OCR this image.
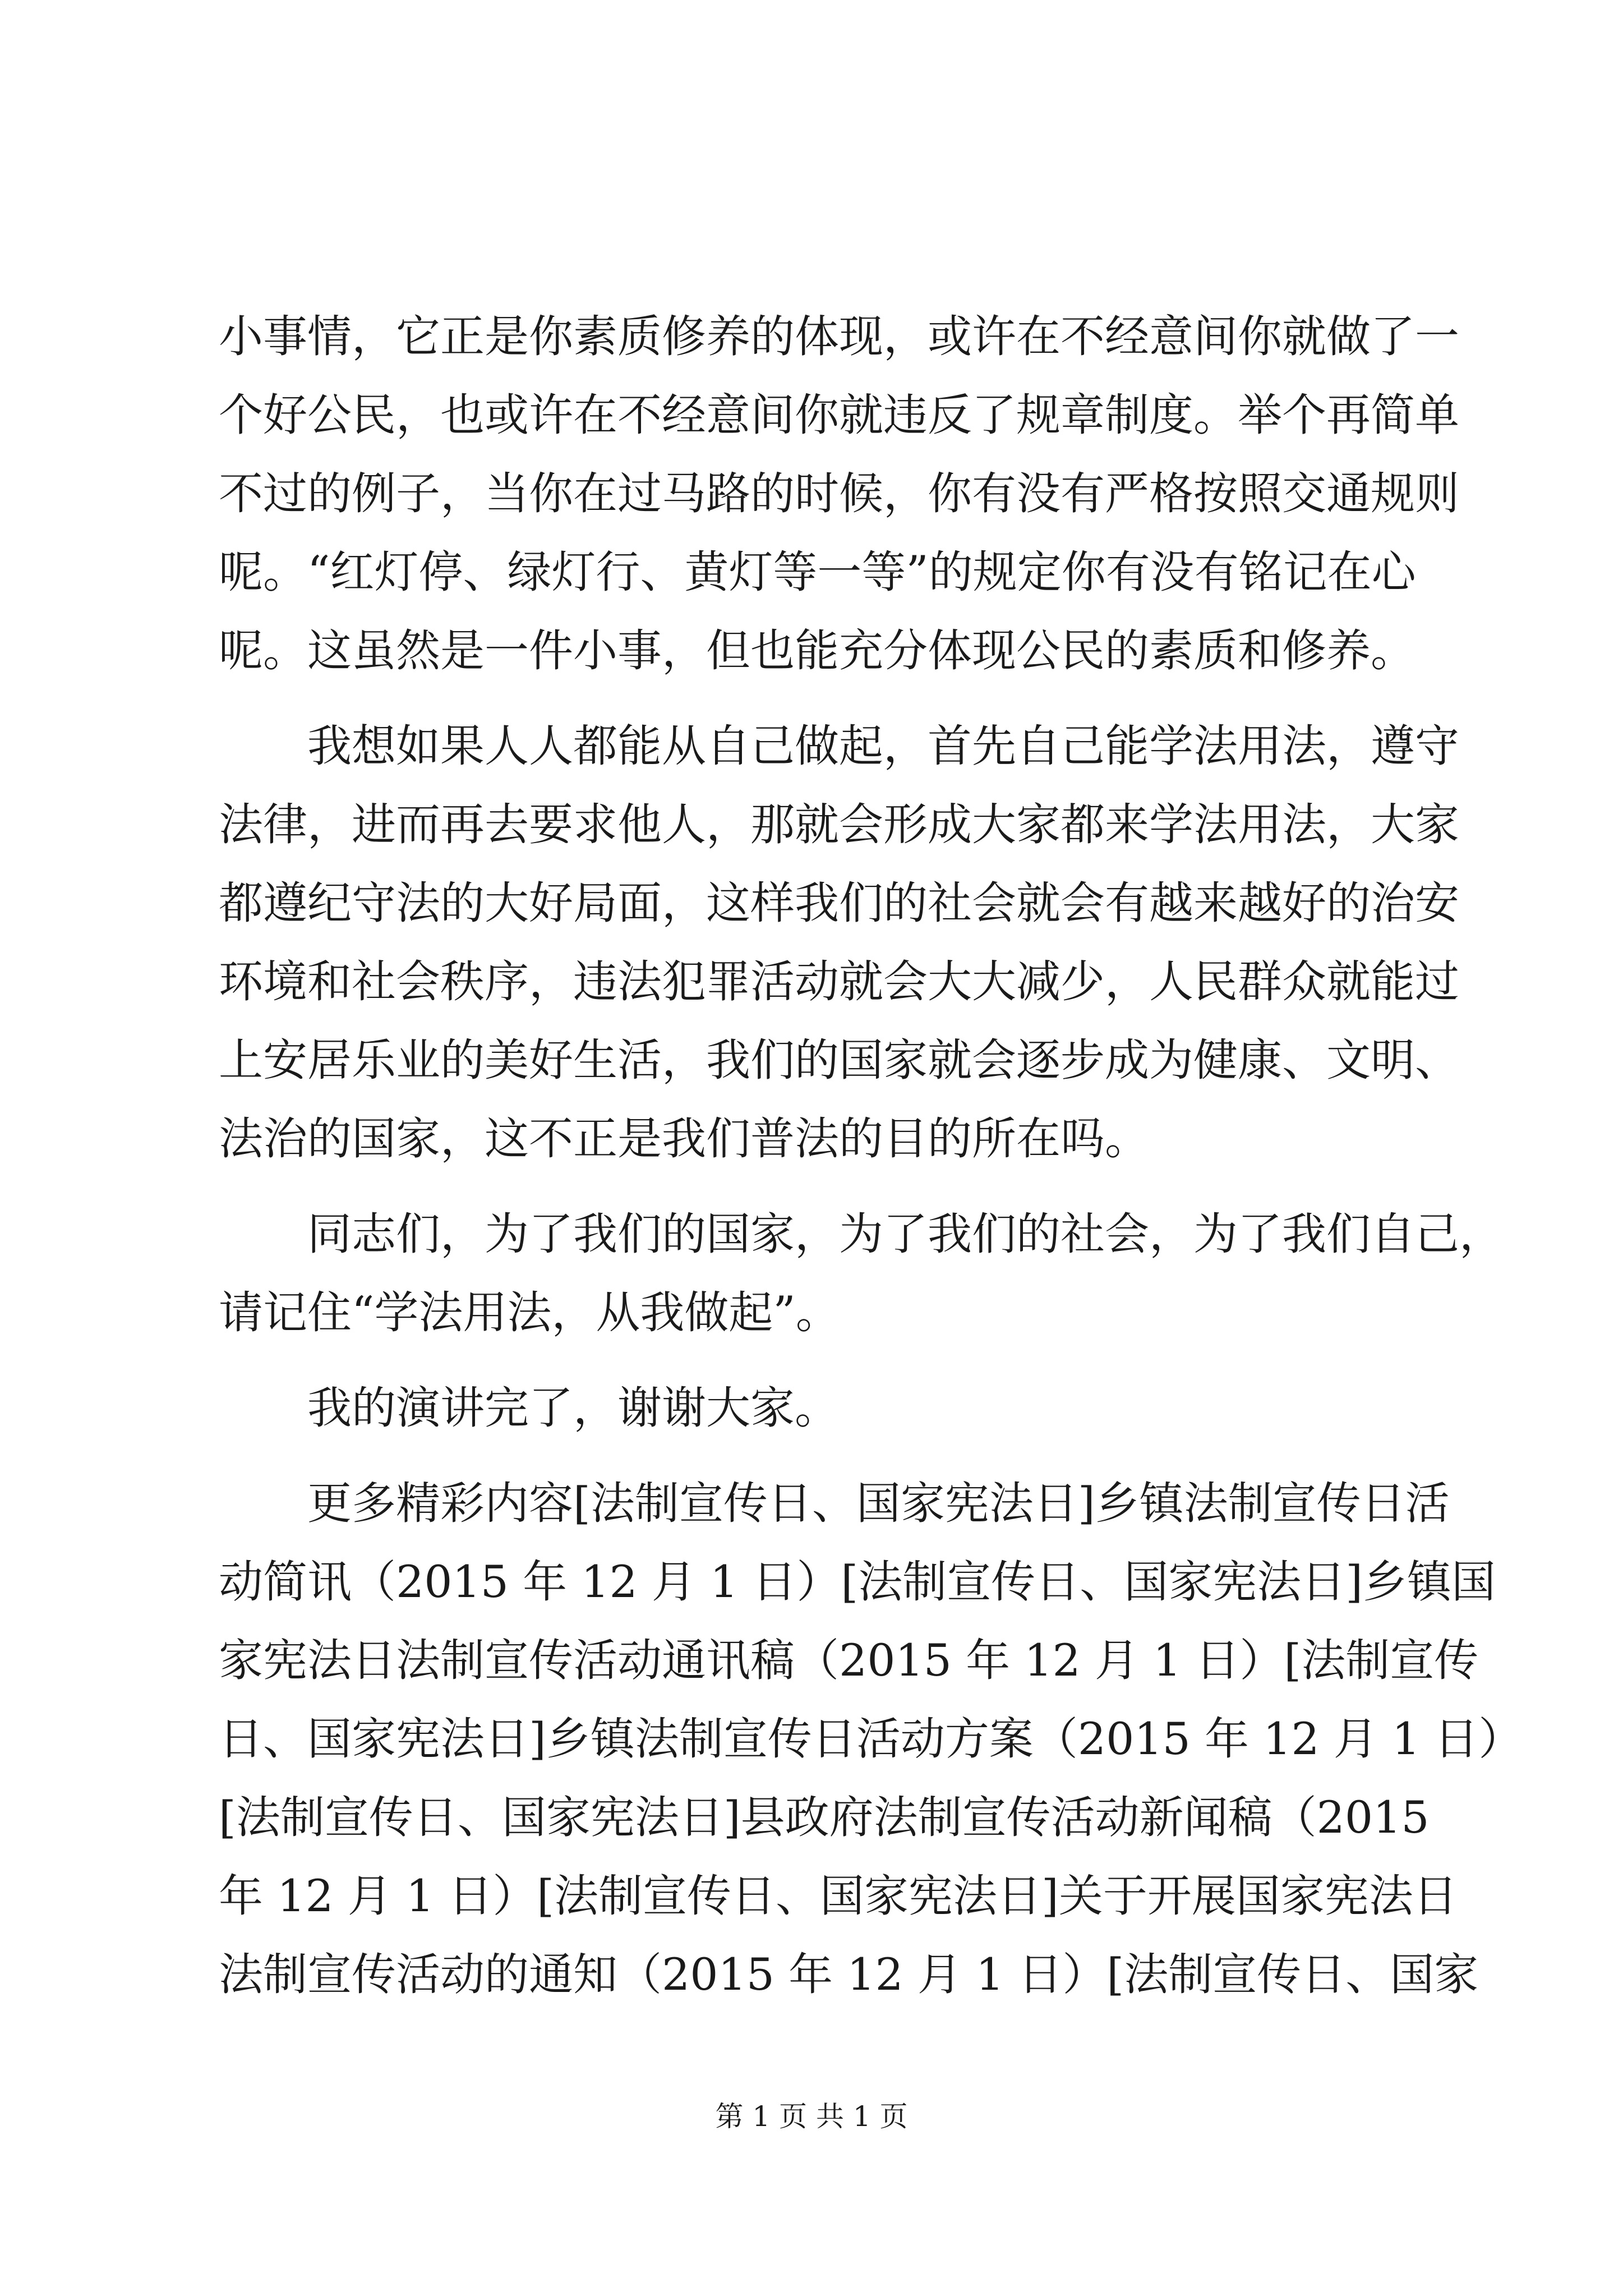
小事情，它正是你素质修养的体现，或许在不经意间你就做了一
个好公民，也或许在不经意间你就违反了规章制度。举个再简单
不过的例子，当你在过马路的时候，你有没有严格按照交通规则
呢。“红灯停、绿灯行、黄灯等一等”的规定你有没有铭记在心
呢。这虽然是一件小事，但也能充分体现公民的素质和修养。
　　我想如果人人都能从自己做起，首先自己能学法用法，遵守
法律，进而再去要求他人，那就会形成大家都来学法用法，大家
都遵纪守法的大好局面，这样我们的社会就会有越来越好的治安
环境和社会秩序，违法犯罪活动就会大大减少，人民群众就能过
上安居乐业的美好生活，我们的国家就会逐步成为健康、文明、
法治的国家，这不正是我们普法的目的所在吗。
　　同志们，为了我们的国家，为了我们的社会，为了我们自己，
请记住“学法用法，从我做起”。
　　我的演讲完了，谢谢大家。
　　更多精彩内容[法制宣传日、国家宪法日]乡镇法制宣传日活
动简讯（2015 年 12 月 1 日）[法制宣传日、国家宪法日]乡镇国
家宪法日法制宣传活动通讯稿（2015 年 12 月 1 日）[法制宣传
日、国家宪法日]乡镇法制宣传日活动方案（2015 年 12 月 1 日）
[法制宣传日、国家宪法日]县政府法制宣传活动新闻稿（2015
年 12 月 1 日）[法制宣传日、国家宪法日]关于开展国家宪法日
法制宣传活动的通知（2015 年 12 月 1 日）[法制宣传日、国家
第 1 页 共 1 页
